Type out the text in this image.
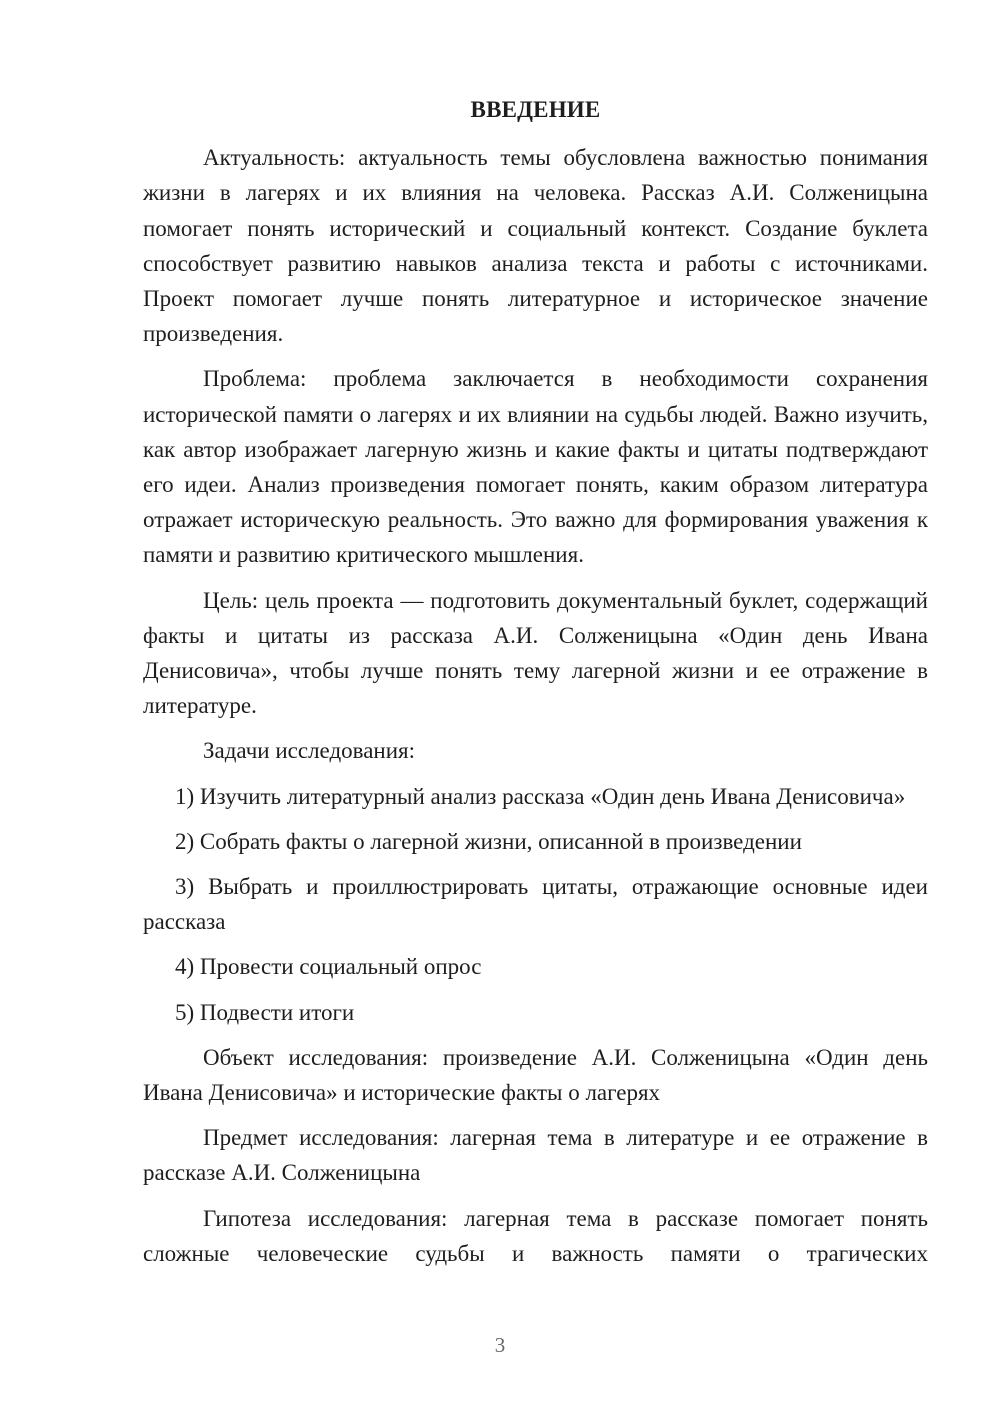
ВВЕДЕНИЕ

Актуальность: актуальность темы обусловлена важностью понимания жизни в лагерях и их влияния на человека. Рассказ А.И. Солженицына помогает понять исторический и социальный контекст. Создание буклета способствует развитию навыков анализа текста и работы с источниками. Проект помогает лучше понять литературное и историческое значение произведения.

Проблема: проблема заключается в необходимости сохранения исторической памяти о лагерях и их влиянии на судьбы людей. Важно изучить, как автор изображает лагерную жизнь и какие факты и цитаты подтверждают его идеи. Анализ произведения помогает понять, каким образом литература отражает историческую реальность. Это важно для формирования уважения к памяти и развитию критического мышления.

Цель: цель проекта — подготовить документальный буклет, содержащий факты и цитаты из рассказа А.И. Солженицына «Один день Ивана Денисовича», чтобы лучше понять тему лагерной жизни и ее отражение в литературе.

Задачи исследования:

1) Изучить литературный анализ рассказа «Один день Ивана Денисовича»

2) Собрать факты о лагерной жизни, описанной в произведении

3) Выбрать и проиллюстрировать цитаты, отражающие основные идеи рассказа

4) Провести социальный опрос

5) Подвести итоги

Объект исследования: произведение А.И. Солженицына «Один день Ивана Денисовича» и исторические факты о лагерях

Предмет исследования: лагерная тема в литературе и ее отражение в рассказе А.И. Солженицына

Гипотеза исследования: лагерная тема в рассказе помогает понять сложные человеческие судьбы и важность памяти о трагических

3
